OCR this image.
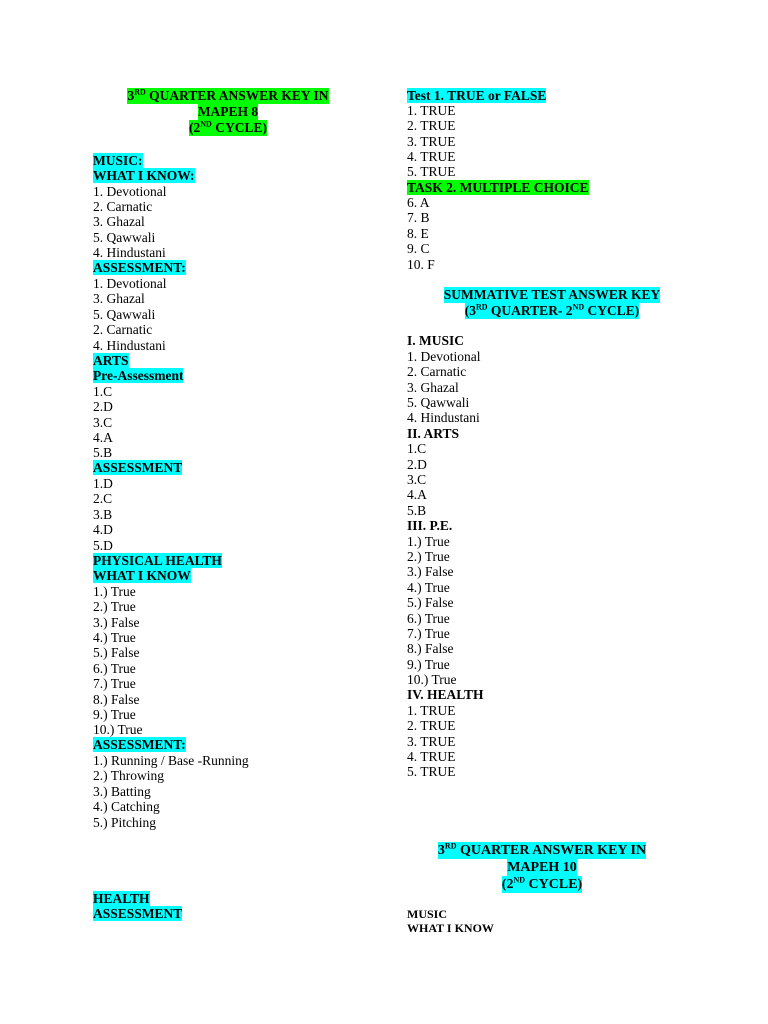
3RD QUARTER ANSWER KEY IN
MAPEH 8
(2ND CYCLE)
MUSIC:
WHAT I KNOW:
1. Devotional
2. Carnatic
3. Ghazal
5. Qawwali
4. Hindustani
ASSESSMENT:
1. Devotional
3. Ghazal
5. Qawwali
2. Carnatic
4. Hindustani
ARTS
Pre-Assessment
1.C
2.D
3.C
4.A
5.B
ASSESSMENT
1.D
2.C
3.B
4.D
5.D
PHYSICAL HEALTH
WHAT I KNOW
1.) True
2.) True
3.) False
4.) True
5.) False
6.) True
7.) True
8.) False
9.) True
10.) True
ASSESSMENT:
1.) Running / Base -Running
2.) Throwing
3.) Batting
4.) Catching
5.) Pitching
HEALTH
ASSESSMENT
Test 1. TRUE or FALSE
1. TRUE
2. TRUE
3. TRUE
4. TRUE
5. TRUE
TASK 2. MULTIPLE CHOICE
6. A
7. B
8. E
9. C
10. F
I. MUSIC
1. Devotional
2. Carnatic
3. Ghazal
5. Qawwali
4. Hindustani
II. ARTS
1.C
2.D
3.C
4.A
5.B
III. P.E.
1.) True
2.) True
3.) False
4.) True
5.) False
6.) True
7.) True
8.) False
9.) True
10.) True
IV. HEALTH
1. TRUE
2. TRUE
3. TRUE
4. TRUE
5. TRUE
MUSIC
WHAT I KNOW
SUMMATIVE TEST ANSWER KEY
(3RD QUARTER- 2ND CYCLE)
3RD QUARTER ANSWER KEY IN
MAPEH 10
(2ND CYCLE)
